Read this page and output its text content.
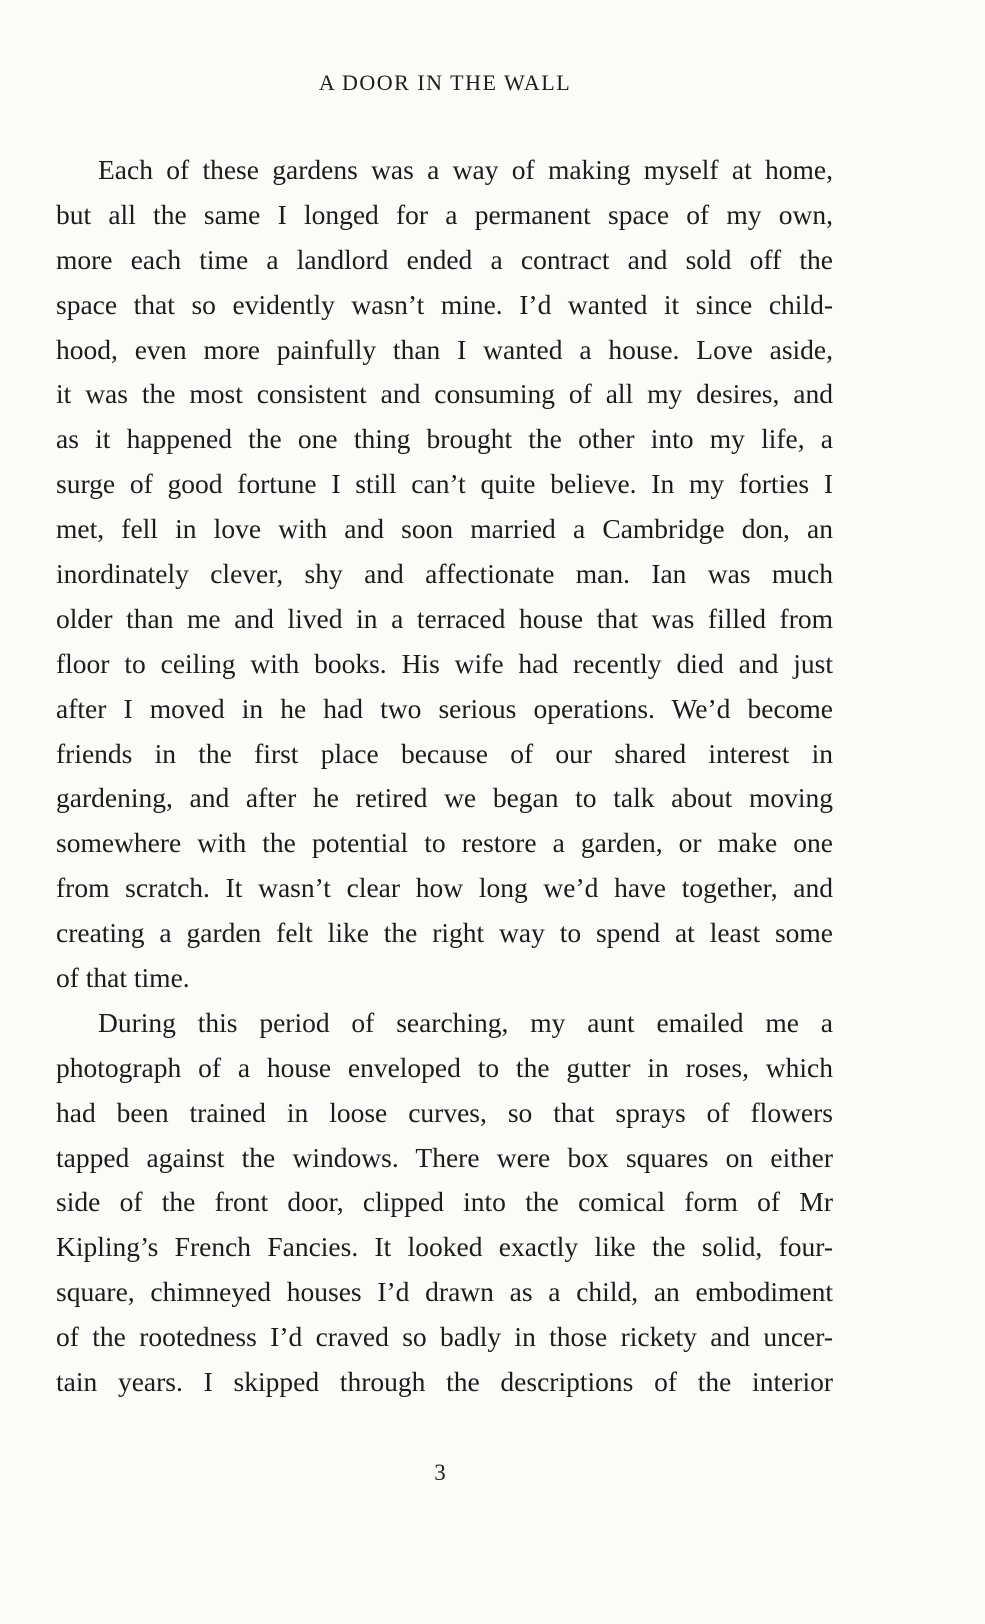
A DOOR IN THE WALL
Each of these gardens was a way of making myself at home,
but all the same I longed for a permanent space of my own,
more each time a landlord ended a contract and sold off the
space that so evidently wasn’t mine. I’d wanted it since child-
hood, even more painfully than I wanted a house. Love aside,
it was the most consistent and consuming of all my desires, and
as it happened the one thing brought the other into my life, a
surge of good fortune I still can’t quite believe. In my forties I
met, fell in love with and soon married a Cambridge don, an
inordinately clever, shy and affectionate man. Ian was much
older than me and lived in a terraced house that was filled from
floor to ceiling with books. His wife had recently died and just
after I moved in he had two serious operations. We’d become
friends in the first place because of our shared interest in
gardening, and after he retired we began to talk about moving
somewhere with the potential to restore a garden, or make one
from scratch. It wasn’t clear how long we’d have together, and
creating a garden felt like the right way to spend at least some
of that time.
During this period of searching, my aunt emailed me a
photograph of a house enveloped to the gutter in roses, which
had been trained in loose curves, so that sprays of flowers
tapped against the windows. There were box squares on either
side of the front door, clipped into the comical form of Mr
Kipling’s French Fancies. It looked exactly like the solid, four-
square, chimneyed houses I’d drawn as a child, an embodiment
of the rootedness I’d craved so badly in those rickety and uncer-
tain years. I skipped through the descriptions of the interior
3
